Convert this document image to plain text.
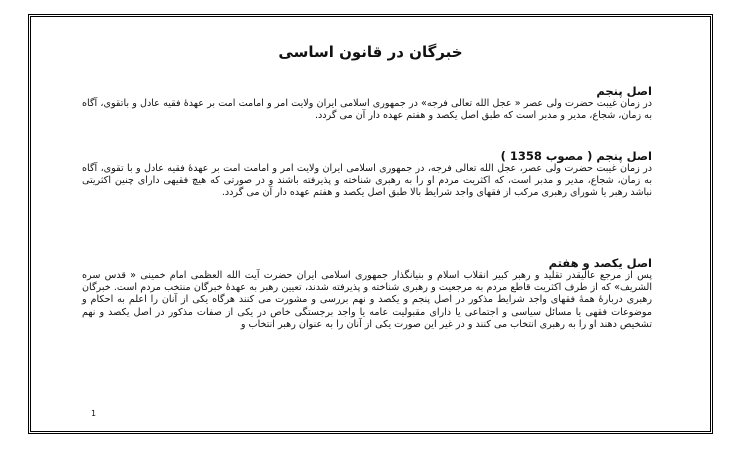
خبرگان در قانون اساسی
اصل پنجم

در زمان غیبت حضرت ولی عصر « عجل الله تعالی فرجه» در جمهوری اسلامی ایران ولایت امر و امامت امت بر عهدهٔ فقیه عادل و باتقوی، آگاه به زمان، شجاع، مدیر و مدبر است که طبق اصل یکصد و هفتم عهده دار آن می گردد.

اصل پنجم ( مصوب 1358 )

در زمان غیبت حضرت ولی عصر، عجل الله تعالی فرجه، در جمهوری اسلامی ایران ولایت امر و امامت امت بر عهدهٔ فقیه عادل و با تقوی، آگاه به زمان، شجاع، مدیر و مدبر است، که اکثریت مردم او را به رهبری شناخته و پذیرفته باشند و در صورتی که هیچ فقیهی دارای چنین اکثریتی نباشد رهبر یا شورای رهبری مرکب از فقهای واجد شرایط بالا طبق اصل یکصد و هفتم عهده دار آن می گردد.

اصل یکصد و هفتم

پس از مرجع عالیقدر تقلید و رهبر کبیر انقلاب اسلام و بنیانگذار جمهوری اسلامی ایران حضرت آیت الله العظمی امام خمینی « قدس سره الشریف» که از طرف اکثریت قاطع مردم به مرجعیت و رهبری شناخته و پذیرفته شدند، تعیین رهبر به عهدهٔ خبرگان منتخب مردم است. خبرگان رهبری دربارهٔ همهٔ فقهای واجد شرایط مذکور در اصل پنجم و یکصد و نهم بررسی و مشورت می کنند هرگاه یکی از آنان را اعلم به احکام و موضوعات فقهی یا مسائل سیاسی و اجتماعی یا دارای مقبولیت عامه یا واجد برجستگی خاص در یکی از صفات مذکور در اصل یکصد و نهم تشخیص دهند او را به رهبری انتخاب می کنند و در غیر این صورت یکی از آنان را به عنوان رهبر انتخاب و

1
